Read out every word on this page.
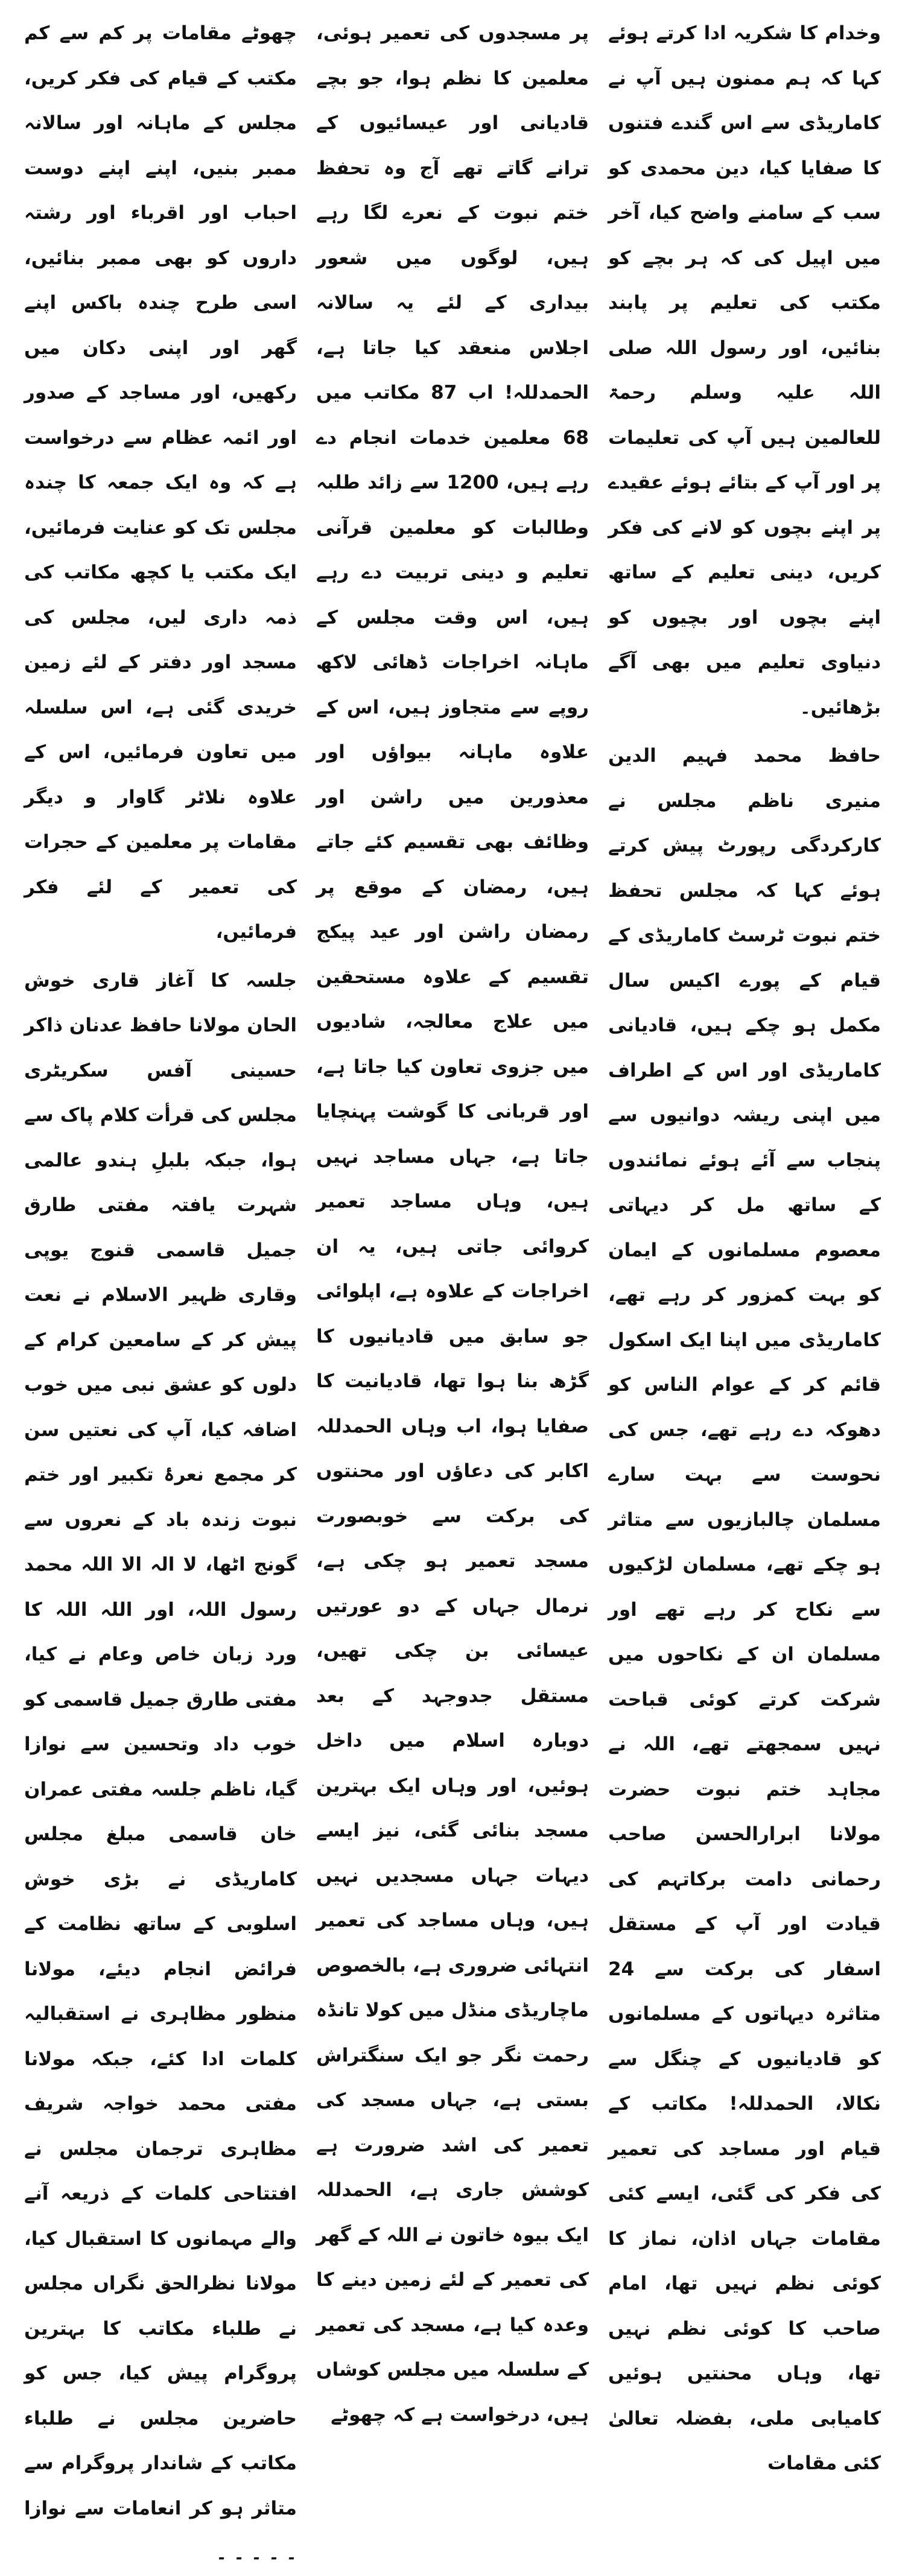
وخدام کا شکریہ ادا کرتے ہوئے کہا کہ ہم ممنون ہیں آپ نے کاماریڈی سے اس گندے فتنوں کا صفایا کیا، دین محمدی کو سب کے سامنے واضح کیا، آخر میں اپیل کی کہ ہر بچے کو مکتب کی تعلیم پر پابند بنائیں، اور رسول اللہ صلی اللہ علیہ وسلم رحمۃ للعالمین ہیں آپ کی تعلیمات پر اور آپ کے بتائے ہوئے عقیدے پر اپنے بچوں کو لانے کی فکر کریں، دینی تعلیم کے ساتھ اپنے بچوں اور بچیوں کو دنیاوی تعلیم میں بھی آگے بڑھائیں۔

حافظ محمد فہیم الدین منیری ناظم مجلس نے کارکردگی رپورٹ پیش کرتے ہوئے کہا کہ مجلس تحفظ ختم نبوت ٹرسٹ کاماریڈی کے قیام کے پورے اکیس سال مکمل ہو چکے ہیں، قادیانی کاماریڈی اور اس کے اطراف میں اپنی ریشہ دوانیوں سے پنجاب سے آئے ہوئے نمائندوں کے ساتھ مل کر دیہاتی معصوم مسلمانوں کے ایمان کو بہت کمزور کر رہے تھے، کاماریڈی میں اپنا ایک اسکول قائم کر کے عوام الناس کو دھوکہ دے رہے تھے، جس کی نحوست سے بہت سارے مسلمان چالبازیوں سے متاثر ہو چکے تھے، مسلمان لڑکیوں سے نکاح کر رہے تھے اور مسلمان ان کے نکاحوں میں شرکت کرتے کوئی قباحت نہیں سمجھتے تھے، اللہ نے مجاہد ختم نبوت حضرت مولانا ابرارالحسن صاحب رحمانی دامت برکاتہم کی قیادت اور آپ کے مستقل اسفار کی برکت سے 24 متاثرہ دیہاتوں کے مسلمانوں کو قادیانیوں کے چنگل سے نکالا، الحمدللہ! مکاتب کے قیام اور مساجد کی تعمیر کی فکر کی گئی، ایسے کئی مقامات جہاں اذان، نماز کا کوئی نظم نہیں تھا، امام صاحب کا کوئی نظم نہیں تھا، وہاں محنتیں ہوئیں کامیابی ملی، بفضلہ تعالیٰ کئی مقامات

پر مسجدوں کی تعمیر ہوئی، معلمین کا نظم ہوا، جو بچے قادیانی اور عیسائیوں کے ترانے گاتے تھے آج وہ تحفظ ختم نبوت کے نعرے لگا رہے ہیں، لوگوں میں شعور بیداری کے لئے یہ سالانہ اجلاس منعقد کیا جاتا ہے، الحمدللہ! اب 87 مکاتب میں 68 معلمین خدمات انجام دے رہے ہیں، 1200 سے زائد طلبہ وطالبات کو معلمین قرآنی تعلیم و دینی تربیت دے رہے ہیں، اس وقت مجلس کے ماہانہ اخراجات ڈھائی لاکھ روپے سے متجاوز ہیں، اس کے علاوہ ماہانہ بیواؤں اور معذورین میں راشن اور وظائف بھی تقسیم کئے جاتے ہیں، رمضان کے موقع پر رمضان راشن اور عید پیکج تقسیم کے علاوہ مستحقین میں علاج معالجہ، شادیوں میں جزوی تعاون کیا جاتا ہے، اور قربانی کا گوشت پہنچایا جاتا ہے، جہاں مساجد نہیں ہیں، وہاں مساجد تعمیر کروائی جاتی ہیں، یہ ان اخراجات کے علاوہ ہے، اپلوائی جو سابق میں قادیانیوں کا گڑھ بنا ہوا تھا، قادیانیت کا صفایا ہوا، اب وہاں الحمدللہ اکابر کی دعاؤں اور محنتوں کی برکت سے خوبصورت مسجد تعمیر ہو چکی ہے، نرمال جہاں کے دو عورتیں عیسائی بن چکی تھیں، مستقل جدوجہد کے بعد دوبارہ اسلام میں داخل ہوئیں، اور وہاں ایک بہترین مسجد بنائی گئی، نیز ایسے دیہات جہاں مسجدیں نہیں ہیں، وہاں مساجد کی تعمیر انتہائی ضروری ہے، بالخصوص ماچاریڈی منڈل میں کولا تانڈہ رحمت نگر جو ایک سنگتراش بستی ہے، جہاں مسجد کی تعمیر کی اشد ضرورت ہے کوشش جاری ہے، الحمدللہ ایک بیوہ خاتون نے اللہ کے گھر کی تعمیر کے لئے زمین دینے کا وعدہ کیا ہے، مسجد کی تعمیر کے سلسلہ میں مجلس کوشاں ہیں، درخواست ہے کہ چھوٹے

چھوٹے مقامات پر کم سے کم مکتب کے قیام کی فکر کریں، مجلس کے ماہانہ اور سالانہ ممبر بنیں، اپنے اپنے دوست احباب اور اقرباء اور رشتہ داروں کو بھی ممبر بنائیں، اسی طرح چندہ باکس اپنے گھر اور اپنی دکان میں رکھیں، اور مساجد کے صدور اور ائمہ عظام سے درخواست ہے کہ وہ ایک جمعہ کا چندہ مجلس تک کو عنایت فرمائیں، ایک مکتب یا کچھ مکاتب کی ذمہ داری لیں، مجلس کی مسجد اور دفتر کے لئے زمین خریدی گئی ہے، اس سلسلہ میں تعاون فرمائیں، اس کے علاوہ نلاٹر گاوار و دیگر مقامات پر معلمین کے حجرات کی تعمیر کے لئے فکر فرمائیں،

جلسہ کا آغاز قاری خوش الحان مولانا حافظ عدنان ذاکر حسینی آفس سکریٹری مجلس کی قرأت کلام پاک سے ہوا، جبکہ بلبلِ ہندو عالمی شہرت یافتہ مفتی طارق جمیل قاسمی قنوج یوپی وقاری ظہیر الاسلام نے نعت پیش کر کے سامعین کرام کے دلوں کو عشق نبی میں خوب اضافہ کیا، آپ کی نعتیں سن کر مجمع نعرۂ تکبیر اور ختم نبوت زندہ باد کے نعروں سے گونج اٹھا، لا الہ الا اللہ محمد رسول اللہ، اور اللہ اللہ کا ورد زبان خاص وعام نے کیا، مفتی طارق جمیل قاسمی کو خوب داد وتحسین سے نوازا گیا، ناظم جلسہ مفتی عمران خان قاسمی مبلغ مجلس کاماریڈی نے بڑی خوش اسلوبی کے ساتھ نظامت کے فرائض انجام دیئے، مولانا منظور مظاہری نے استقبالیہ کلمات ادا کئے، جبکہ مولانا مفتی محمد خواجہ شریف مظاہری ترجمان مجلس نے افتتاحی کلمات کے ذریعہ آنے والے مہمانوں کا استقبال کیا، مولانا نظرالحق نگراں مجلس نے طلباء مکاتب کا بہترین پروگرام پیش کیا، جس کو حاضرین مجلس نے طلباء مکاتب کے شاندار پروگرام سے متاثر ہو کر انعامات سے نوازا ۔ ۔ ۔ ۔ ۔
